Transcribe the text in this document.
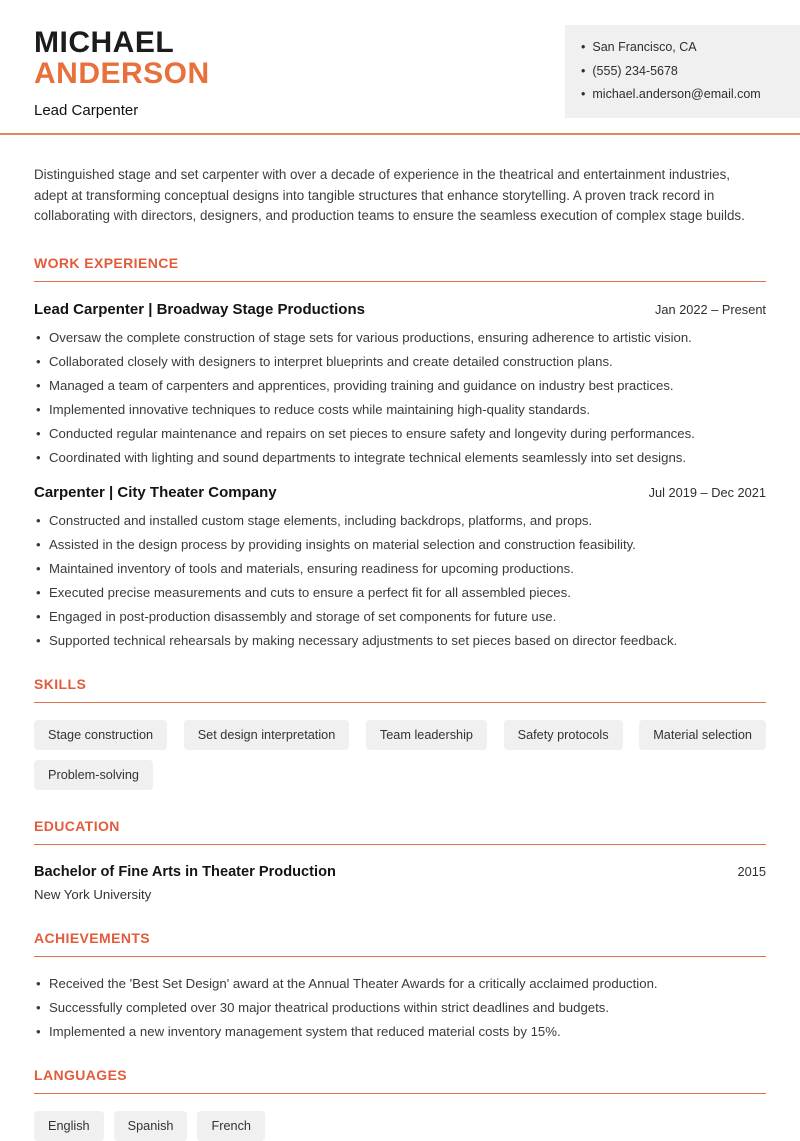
MICHAEL
ANDERSON
Lead Carpenter
• San Francisco, CA
• (555) 234-5678
• michael.anderson@email.com

Distinguished stage and set carpenter with over a decade of experience in the theatrical and entertainment industries, adept at transforming conceptual designs into tangible structures that enhance storytelling. A proven track record in collaborating with directors, designers, and production teams to ensure the seamless execution of complex stage builds.

WORK EXPERIENCE
Lead Carpenter | Broadway Stage Productions	Jan 2022 – Present
• Oversaw the complete construction of stage sets for various productions, ensuring adherence to artistic vision.
• Collaborated closely with designers to interpret blueprints and create detailed construction plans.
• Managed a team of carpenters and apprentices, providing training and guidance on industry best practices.
• Implemented innovative techniques to reduce costs while maintaining high-quality standards.
• Conducted regular maintenance and repairs on set pieces to ensure safety and longevity during performances.
• Coordinated with lighting and sound departments to integrate technical elements seamlessly into set designs.
Carpenter | City Theater Company	Jul 2019 – Dec 2021
• Constructed and installed custom stage elements, including backdrops, platforms, and props.
• Assisted in the design process by providing insights on material selection and construction feasibility.
• Maintained inventory of tools and materials, ensuring readiness for upcoming productions.
• Executed precise measurements and cuts to ensure a perfect fit for all assembled pieces.
• Engaged in post-production disassembly and storage of set components for future use.
• Supported technical rehearsals by making necessary adjustments to set pieces based on director feedback.
SKILLS
Stage construction	Set design interpretation	Team leadership	Safety protocols	Material selection
Problem-solving
EDUCATION
Bachelor of Fine Arts in Theater Production	2015
New York University
ACHIEVEMENTS
• Received the 'Best Set Design' award at the Annual Theater Awards for a critically acclaimed production.
• Successfully completed over 30 major theatrical productions within strict deadlines and budgets.
• Implemented a new inventory management system that reduced material costs by 15%.
LANGUAGES
English	Spanish	French
